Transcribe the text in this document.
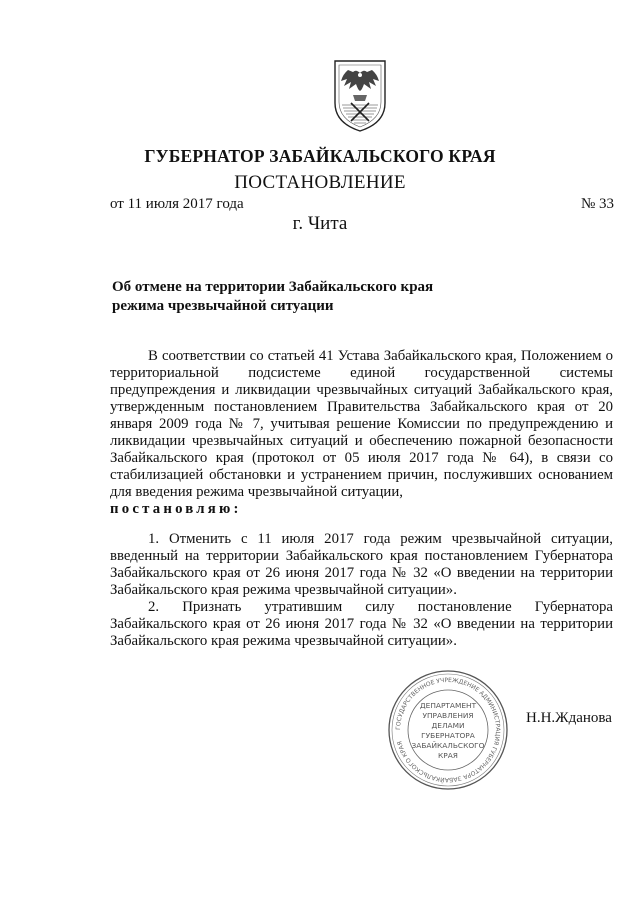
ГУБЕРНАТОР ЗАБАЙКАЛЬСКОГО КРАЯ
ПОСТАНОВЛЕНИЕ
от 11 июля 2017 года	№ 33
г. Чита
Об отмене на территории Забайкальского края
режима чрезвычайной ситуации

В соответствии со статьей 41 Устава Забайкальского края, Положением о территориальной подсистеме единой государственной системы предупреждения и ликвидации чрезвычайных ситуаций Забайкальского края, утвержденным постановлением Правительства Забайкальского края от 20 января 2009 года № 7, учитывая решение Комиссии по предупреждению и ликвидации чрезвычайных ситуаций и обеспечению пожарной безопасности Забайкальского края (протокол от 05 июля 2017 года № 64), в связи со стабилизацией обстановки и устранением причин, послуживших основанием для введения режима чрезвычайной ситуации,

постановляю:

1. Отменить с 11 июля 2017 года режим чрезвычайной ситуации, введенный на территории Забайкальского края постановлением Губернатора Забайкальского края от 26 июня 2017 года № 32 «О введении на территории Забайкальского края режима чрезвычайной ситуации».

2. Признать утратившим силу постановление Губернатора Забайкальского края от 26 июня 2017 года № 32 «О введении на территории Забайкальского края режима чрезвычайной ситуации».

ГОСУДАРСТВЕННОЕ УЧРЕЖДЕНИЕ АДМИНИСТРАЦИЯ ГУБЕРНАТОРА ЗАБАЙКАЛЬСКОГО КРАЯ
ДЕПАРТАМЕНТ
УПРАВЛЕНИЯ
ДЕЛАМИ
ГУБЕРНАТОРА
ЗАБАЙКАЛЬСКОГО
КРАЯ
Н.Н.Жданова
